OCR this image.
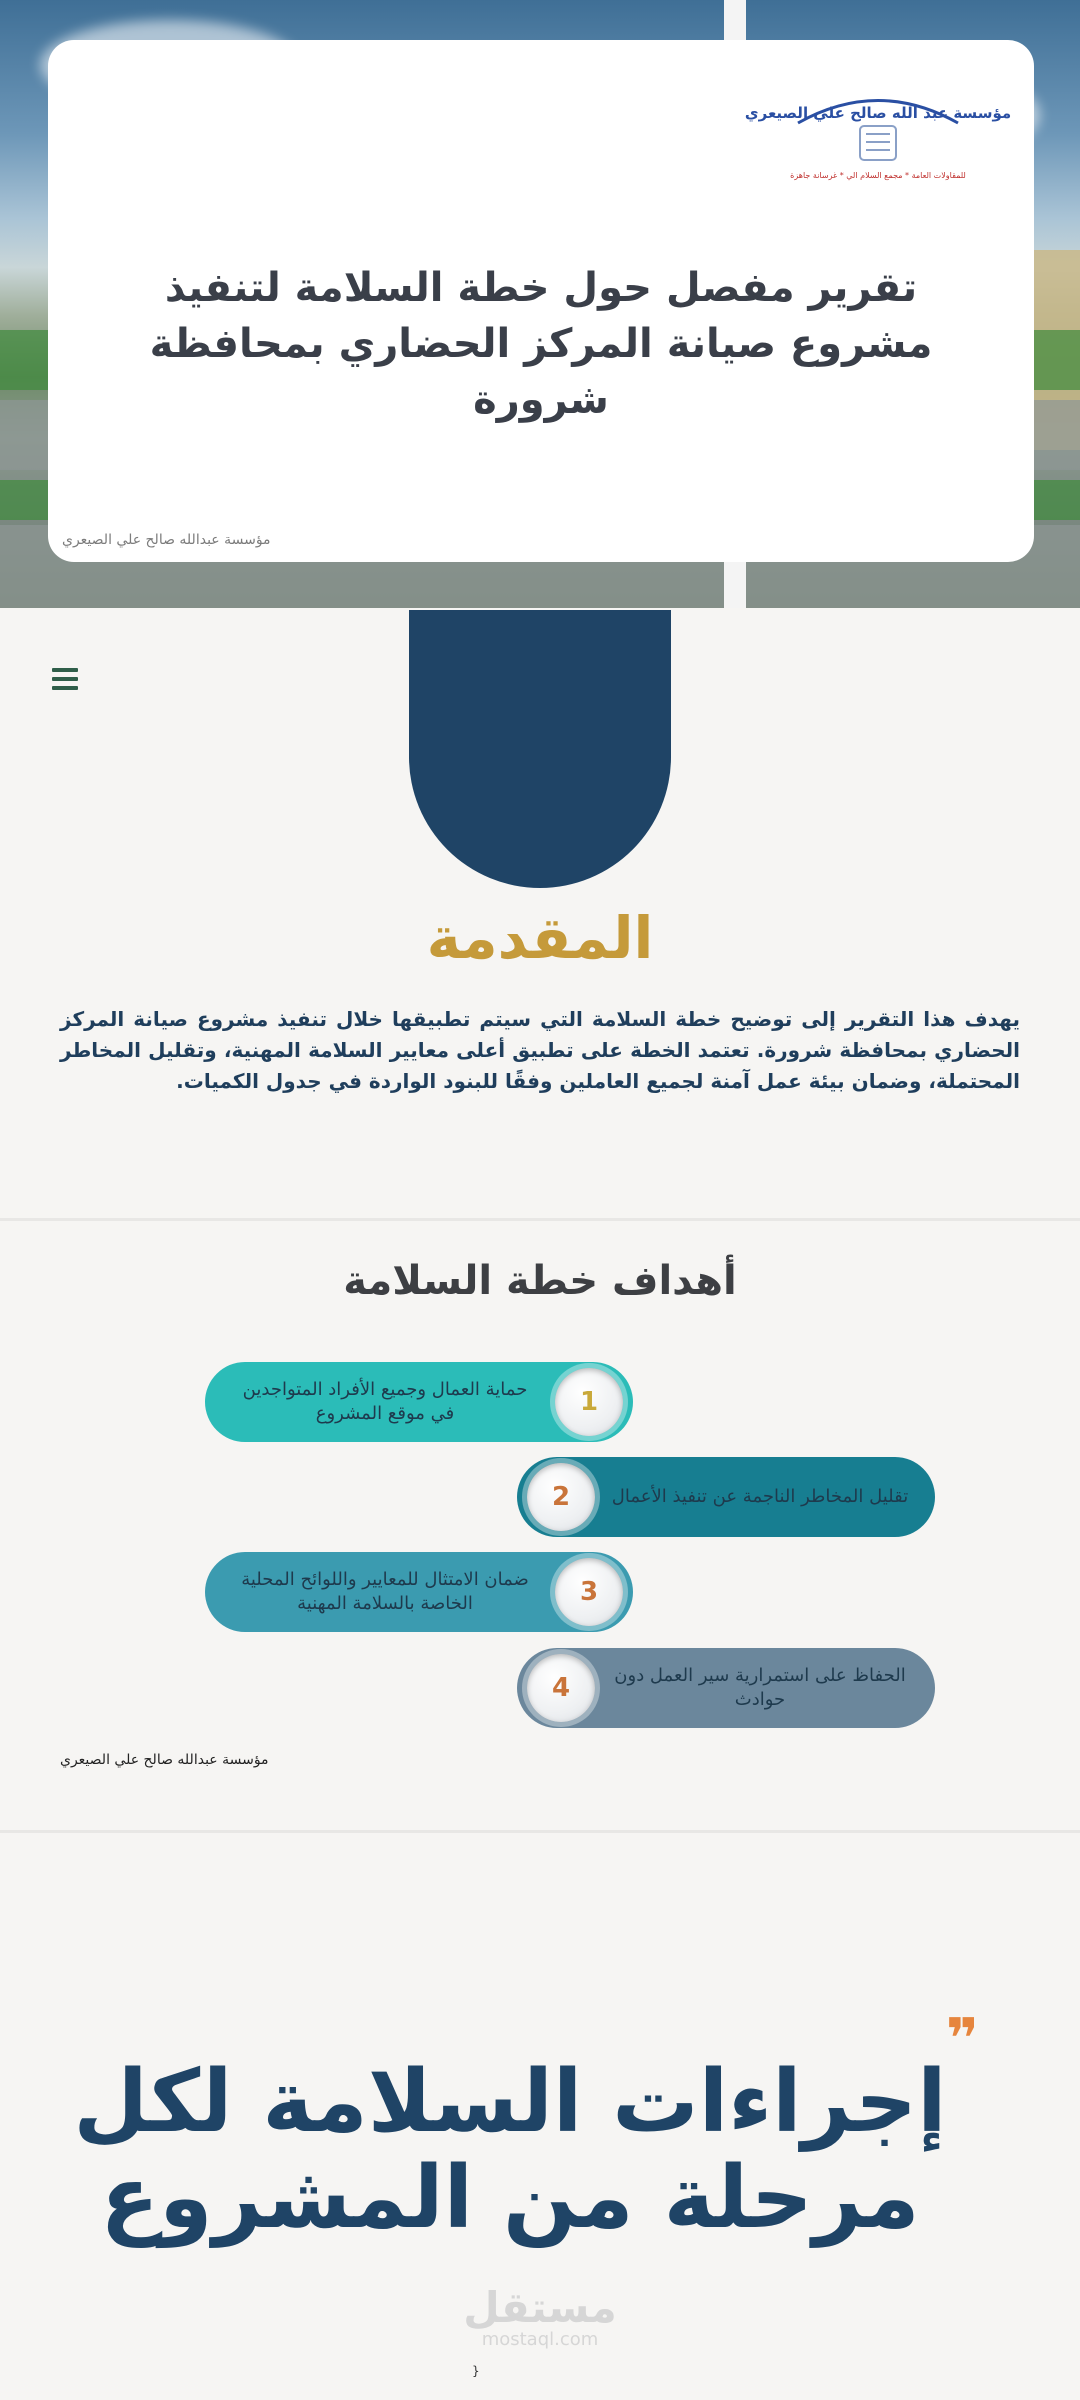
مؤسسة عبد الله صالح علي الصيعري
للمقاولات العامة * مجمع السلام الي * غرسانة جاهزة
تقرير مفصل حول خطة السلامة لتنفيذ مشروع صيانة المركز الحضاري بمحافظة شرورة
مؤسسة عبدالله صالح علي الصيعري
المقدمة

يهدف هذا التقرير إلى توضيح خطة السلامة التي سيتم تطبيقها خلال تنفيذ مشروع صيانة المركز الحضاري بمحافظة شرورة. تعتمد الخطة على تطبيق أعلى معايير السلامة المهنية، وتقليل المخاطر المحتملة، وضمان بيئة عمل آمنة لجميع العاملين وفقًا للبنود الواردة في جدول الكميات.

أهداف خطة السلامة
1
حماية العمال وجميع الأفراد المتواجدين في موقع المشروع
2	تقليل المخاطر الناجمة عن تنفيذ الأعمال
3
ضمان الامتثال للمعايير واللوائح المحلية الخاصة بالسلامة المهنية
4	الحفاظ على استمرارية سير العمل دون حوادث
مؤسسة عبدالله صالح علي الصيعري
❞
إجراءات السلامة لكل مرحلة من المشروع
مستقل
mostaql.com
}
